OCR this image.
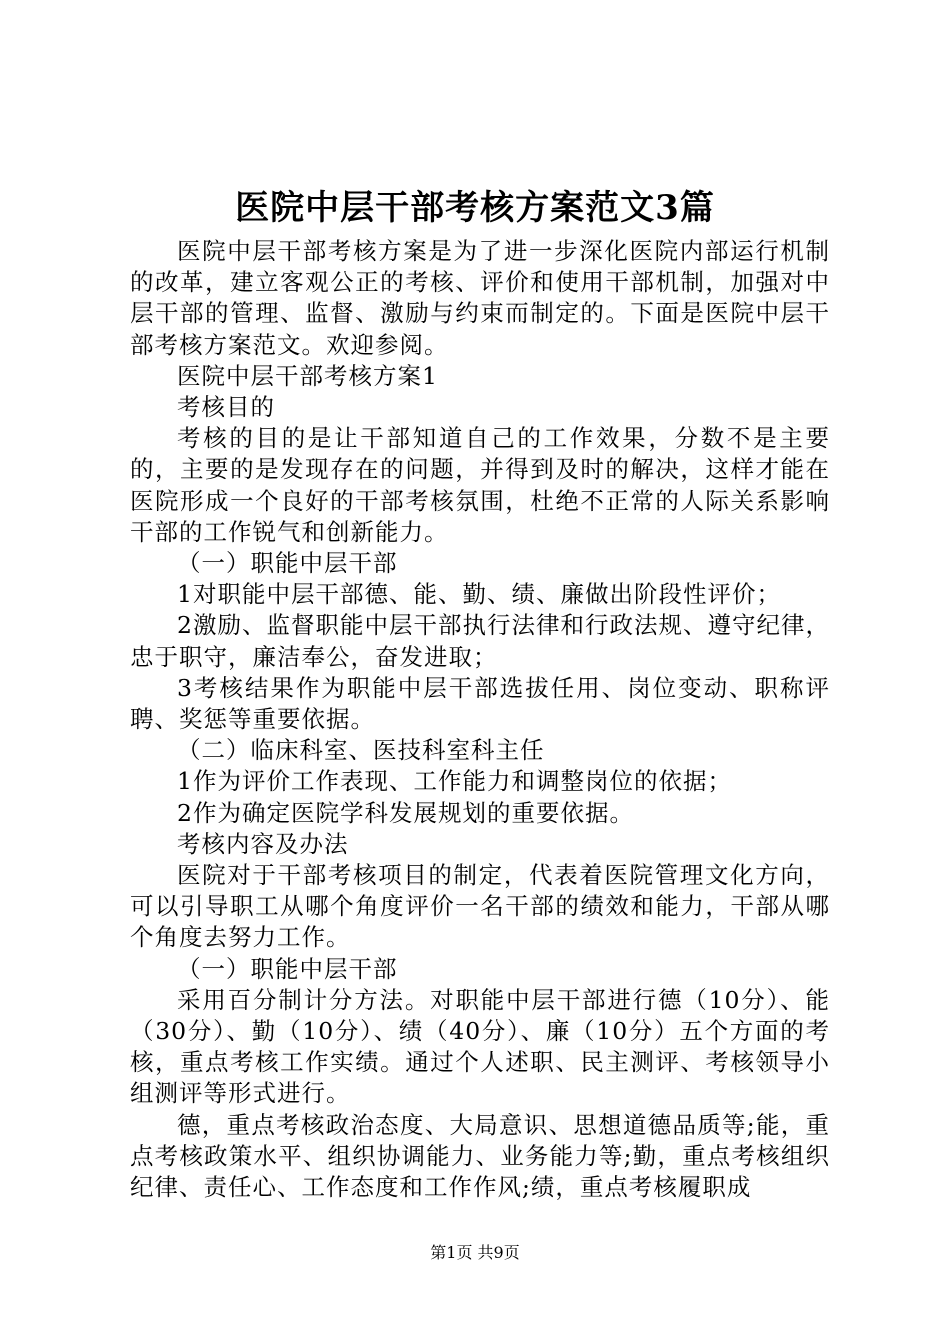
医院中层干部考核方案范文3篇

医院中层干部考核方案是为了进一步深化医院内部运行机制的改革，建立客观公正的考核、评价和使用干部机制，加强对中层干部的管理、监督、激励与约束而制定的。下面是医院中层干部考核方案范文。欢迎参阅。

医院中层干部考核方案1

考核目的

考核的目的是让干部知道自己的工作效果，分数不是主要的，主要的是发现存在的问题，并得到及时的解决，这样才能在医院形成一个良好的干部考核氛围，杜绝不正常的人际关系影响干部的工作锐气和创新能力。

（一）职能中层干部

1对职能中层干部德、能、勤、绩、廉做出阶段性评价；

2激励、监督职能中层干部执行法律和行政法规、遵守纪律，忠于职守，廉洁奉公，奋发进取；

3考核结果作为职能中层干部选拔任用、岗位变动、职称评聘、奖惩等重要依据。

（二）临床科室、医技科室科主任

1作为评价工作表现、工作能力和调整岗位的依据；

2作为确定医院学科发展规划的重要依据。

考核内容及办法

医院对于干部考核项目的制定，代表着医院管理文化方向，可以引导职工从哪个角度评价一名干部的绩效和能力，干部从哪个角度去努力工作。

（一）职能中层干部

采用百分制计分方法。对职能中层干部进行德（10分）、能（30分）、勤（10分）、绩（40分）、廉（10分）五个方面的考核，重点考核工作实绩。通过个人述职、民主测评、考核领导小组测评等形式进行。

德，重点考核政治态度、大局意识、思想道德品质等;能，重点考核政策水平、组织协调能力、业务能力等;勤，重点考核组织纪律、责任心、工作态度和工作作风;绩，重点考核履职成

第1页 共9页
